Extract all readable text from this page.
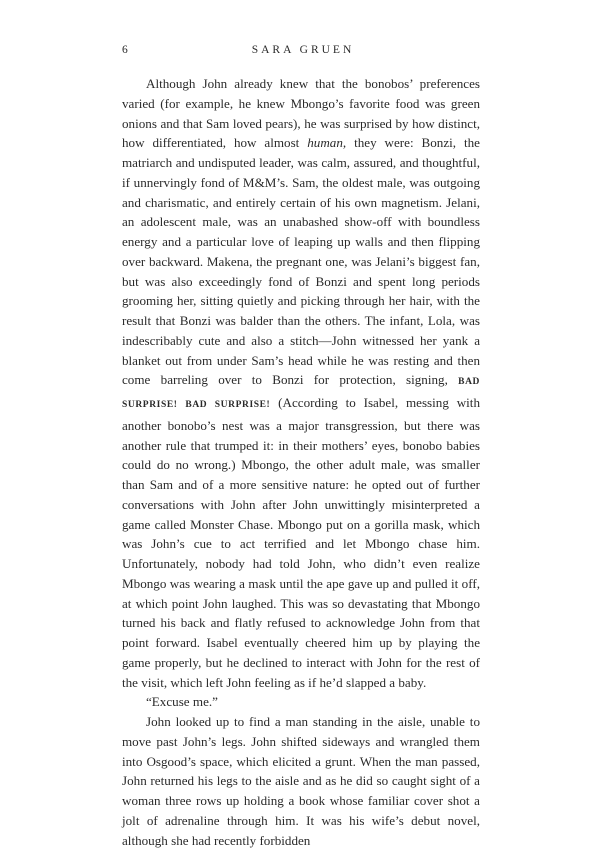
6	SARA GRUEN

Although John already knew that the bonobos’ preferences varied (for example, he knew Mbongo’s favorite food was green onions and that Sam loved pears), he was surprised by how distinct, how differentiated, how almost human, they were: Bonzi, the matriarch and undisputed leader, was calm, assured, and thoughtful, if unnervingly fond of M&M’s. Sam, the oldest male, was outgoing and charismatic, and entirely certain of his own magnetism. Jelani, an adolescent male, was an unabashed show-off with boundless energy and a particular love of leaping up walls and then flipping over backward. Makena, the pregnant one, was Jelani’s biggest fan, but was also exceedingly fond of Bonzi and spent long periods grooming her, sitting quietly and picking through her hair, with the result that Bonzi was balder than the others. The infant, Lola, was indescribably cute and also a stitch—John witnessed her yank a blanket out from under Sam’s head while he was resting and then come barreling over to Bonzi for protection, signing, BAD SURPRISE! BAD SURPRISE! (According to Isabel, messing with another bonobo’s nest was a major transgression, but there was another rule that trumped it: in their mothers’ eyes, bonobo babies could do no wrong.) Mbongo, the other adult male, was smaller than Sam and of a more sensitive nature: he opted out of further conversations with John after John unwittingly misinterpreted a game called Monster Chase. Mbongo put on a gorilla mask, which was John’s cue to act terrified and let Mbongo chase him. Unfortunately, nobody had told John, who didn’t even realize Mbongo was wearing a mask until the ape gave up and pulled it off, at which point John laughed. This was so devastating that Mbongo turned his back and flatly refused to acknowledge John from that point forward. Isabel eventually cheered him up by playing the game properly, but he declined to interact with John for the rest of the visit, which left John feeling as if he’d slapped a baby.

“Excuse me.”

John looked up to find a man standing in the aisle, unable to move past John’s legs. John shifted sideways and wrangled them into Osgood’s space, which elicited a grunt. When the man passed, John returned his legs to the aisle and as he did so caught sight of a woman three rows up holding a book whose familiar cover shot a jolt of adrenaline through him. It was his wife’s debut novel, although she had recently forbidden
